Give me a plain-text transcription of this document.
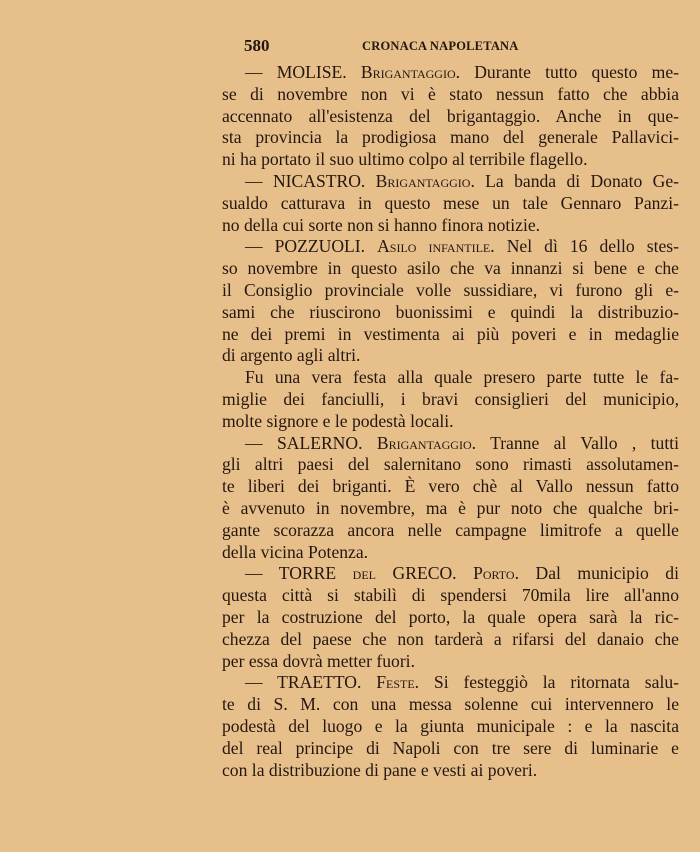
580	CRONACA NAPOLETANA
— MOLISE. Brigantaggio. Durante tutto questo me-
se di novembre non vi è stato nessun fatto che abbia
accennato all'esistenza del brigantaggio. Anche in que-
sta provincia la prodigiosa mano del generale Pallavici-
ni ha portato il suo ultimo colpo al terribile flagello.
— NICASTRO. Brigantaggio. La banda di Donato Ge-
sualdo catturava in questo mese un tale Gennaro Panzi-
no della cui sorte non si hanno finora notizie.
— POZZUOLI. Asilo infantile. Nel dì 16 dello stes-
so novembre in questo asilo che va innanzi si bene e che
il Consiglio provinciale volle sussidiare, vi furono gli e-
sami che riuscirono buonissimi e quindi la distribuzio-
ne dei premi in vestimenta ai più poveri e in medaglie
di argento agli altri.
Fu una vera festa alla quale presero parte tutte le fa-
miglie dei fanciulli, i bravi consiglieri del municipio,
molte signore e le podestà locali.
— SALERNO. Brigantaggio. Tranne al Vallo , tutti
gli altri paesi del salernitano sono rimasti assolutamen-
te liberi dei briganti. È vero chè al Vallo nessun fatto
è avvenuto in novembre, ma è pur noto che qualche bri-
gante scorazza ancora nelle campagne limitrofe a quelle
della vicina Potenza.
— TORRE del GRECO. Porto. Dal municipio di
questa città si stabilì di spendersi 70mila lire all'anno
per la costruzione del porto, la quale opera sarà la ric-
chezza del paese che non tarderà a rifarsi del danaio che
per essa dovrà metter fuori.
— TRAETTO. Feste. Si festeggiò la ritornata salu-
te di S. M. con una messa solenne cui intervennero le
podestà del luogo e la giunta municipale : e la nascita
del real principe di Napoli con tre sere di luminarie e
con la distribuzione di pane e vesti ai poveri.
